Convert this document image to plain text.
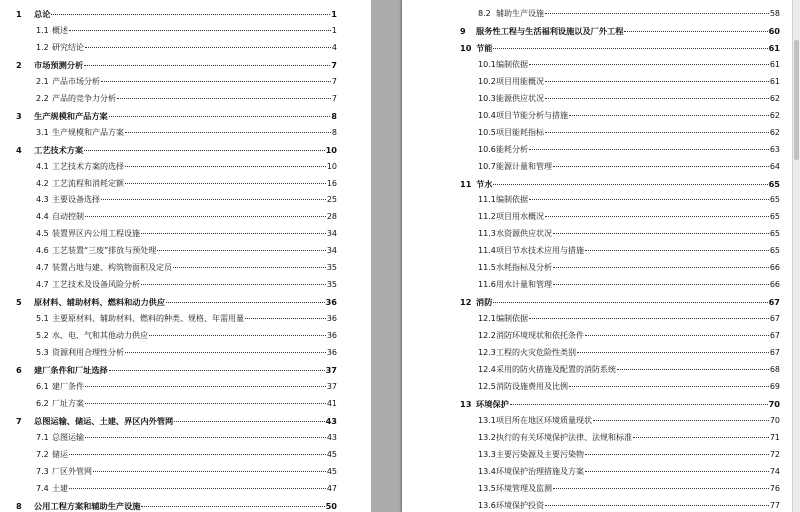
1	总论	1
1.1 概述	1
1.2 研究结论	4
2	市场预测分析	7
2.1 产品市场分析	7
2.2 产品的竞争力分析	7
3	生产规模和产品方案	8
3.1 生产规模和产品方案	8
4	工艺技术方案	10
4.1 工艺技术方案的选择	10
4.2 工艺流程和消耗定额	16
4.3 主要设备选择	25
4.4 自动控制	28
4.5 装置界区内公用工程设施	34
4.6 工艺装置“三废”排放与预处理	34
4.7 装置占地与建、构筑物面积及定员	35
4.7 工艺技术及设备风险分析	35
5	原材料、辅助材料、燃料和动力供应	36
5.1 主要原材料、辅助材料、燃料的种类、规格、年需用量	36
5.2 水、电、气和其他动力供应	36
5.3 资源利用合理性分析	36
6	建厂条件和厂址选择	37
6.1 建厂条件	37
6.2 厂址方案	41
7	总图运输、储运、土建、界区内外管网	43
7.1 总图运输	43
7.2 储运	45
7.3 厂区外管网	45
7.4 土建	47
8	公用工程方案和辅助生产设施	50
8.2 辅助生产设施	58
9	服务性工程与生活福利设施以及厂外工程	60
10 节能	61
10.1 编制依据	61
10.2 项目用能概况	61
10.3 能源供应状况	62
10.4 项目节能分析与措施	62
10.5 项目能耗指标	62
10.6 能耗分析	63
10.7 能源计量和管理	64
11 节水	65
11.1 编制依据	65
11.2 项目用水概况	65
11.3 水资源供应状况	65
11.4 项目节水技术应用与措施	65
11.5 水耗指标及分析	66
11.6 用水计量和管理	66
12 消防	67
12.1 编制依据	67
12.2 消防环境现状和依托条件	67
12.3 工程的火灾危险性类别	67
12.4 采用的防火措施及配置的消防系统	68
12.5 消防设施费用及比例	69
13 环境保护	70
13.1 项目所在地区环境质量现状	70
13.2 执行的有关环境保护法律、法规和标准	71
13.3 主要污染源及主要污染物	72
13.4 环境保护治理措施及方案	74
13.5 环境管理及监测	76
13.6 环境保护投资	77
